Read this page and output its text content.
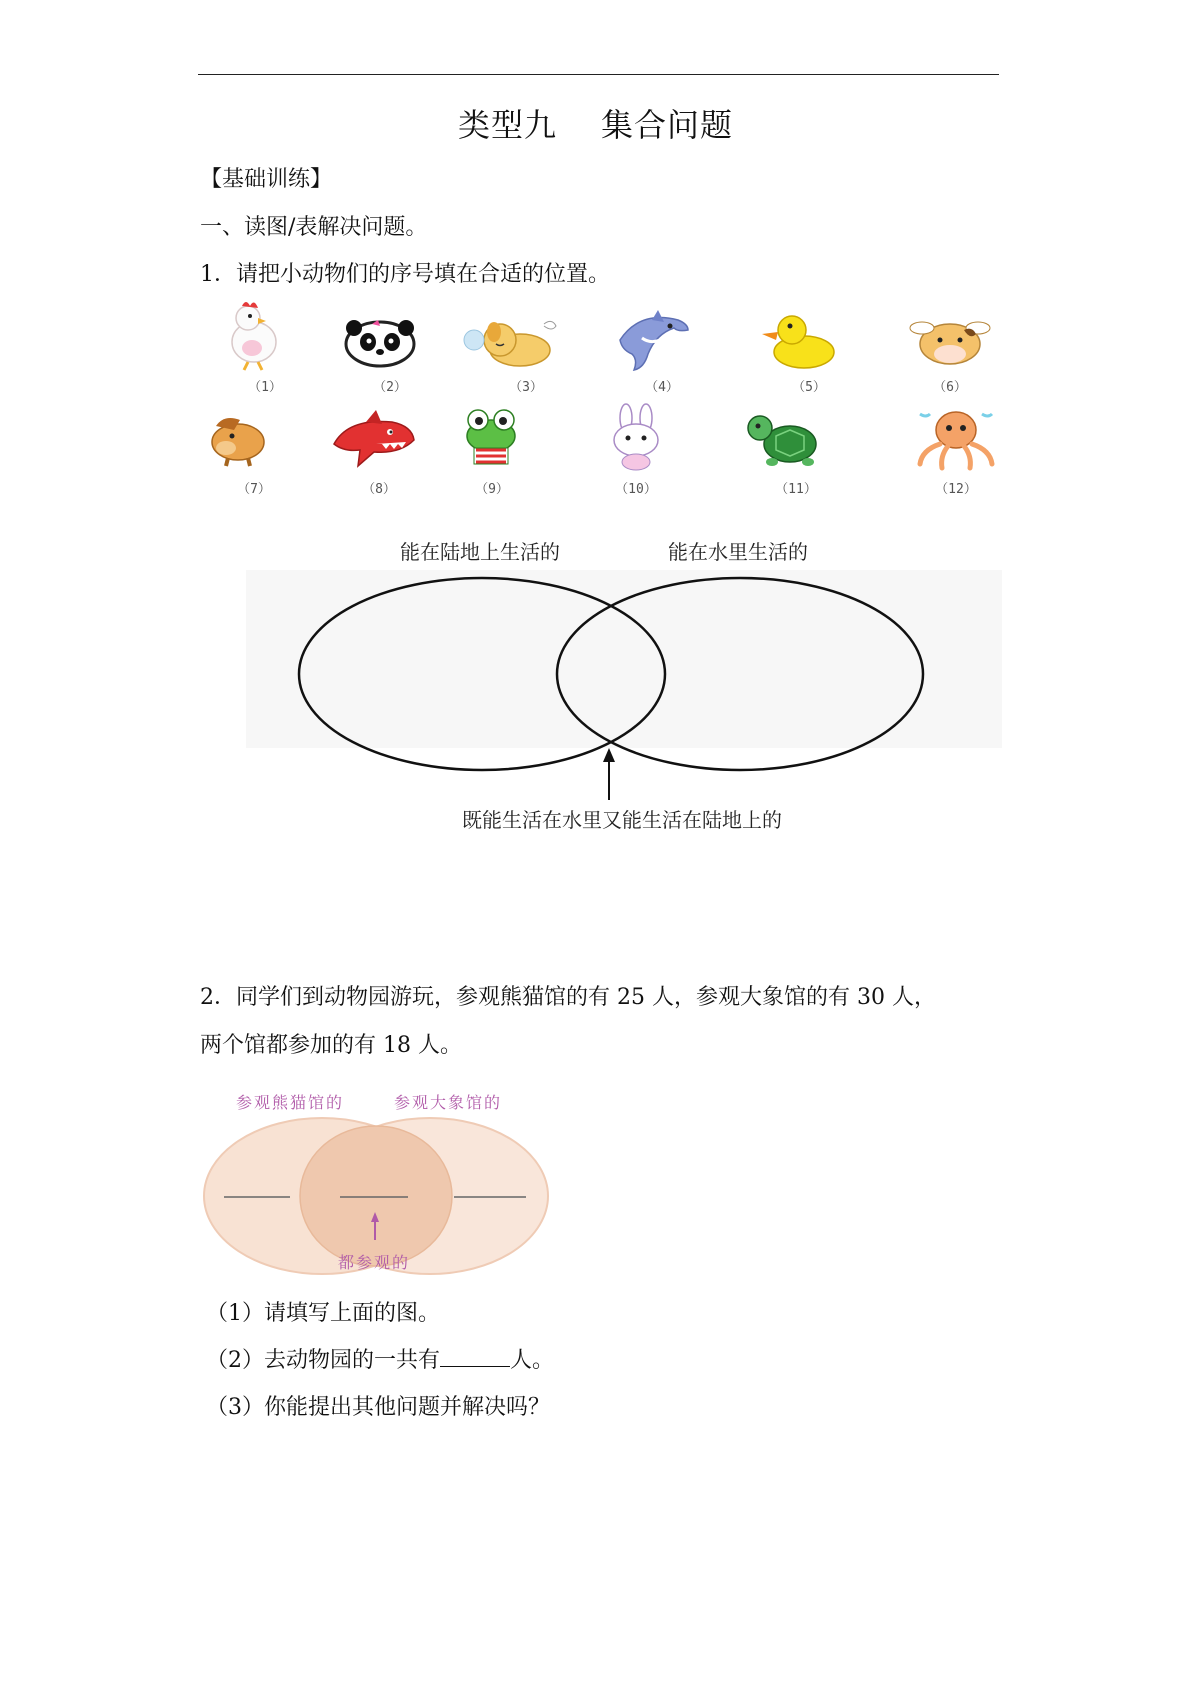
类型九 集合问题
【基础训练】
一、读图/表解决问题。
1．请把小动物们的序号填在合适的位置。
（1）	（2）	（3）	（4）	（5）	（6）
（7）	（8）	（9）	（10）	（11）	（12）
能在陆地上生活的	能在水里生活的
既能生活在水里又能生活在陆地上的
2．同学们到动物园游玩，参观熊猫馆的有 25 人，参观大象馆的有 30 人，
两个馆都参加的有 18 人。
参观熊猫馆的	参观大象馆的
都参观的
（1）请填写上面的图。
（2）去动物园的一共有	人。
（3）你能提出其他问题并解决吗？
